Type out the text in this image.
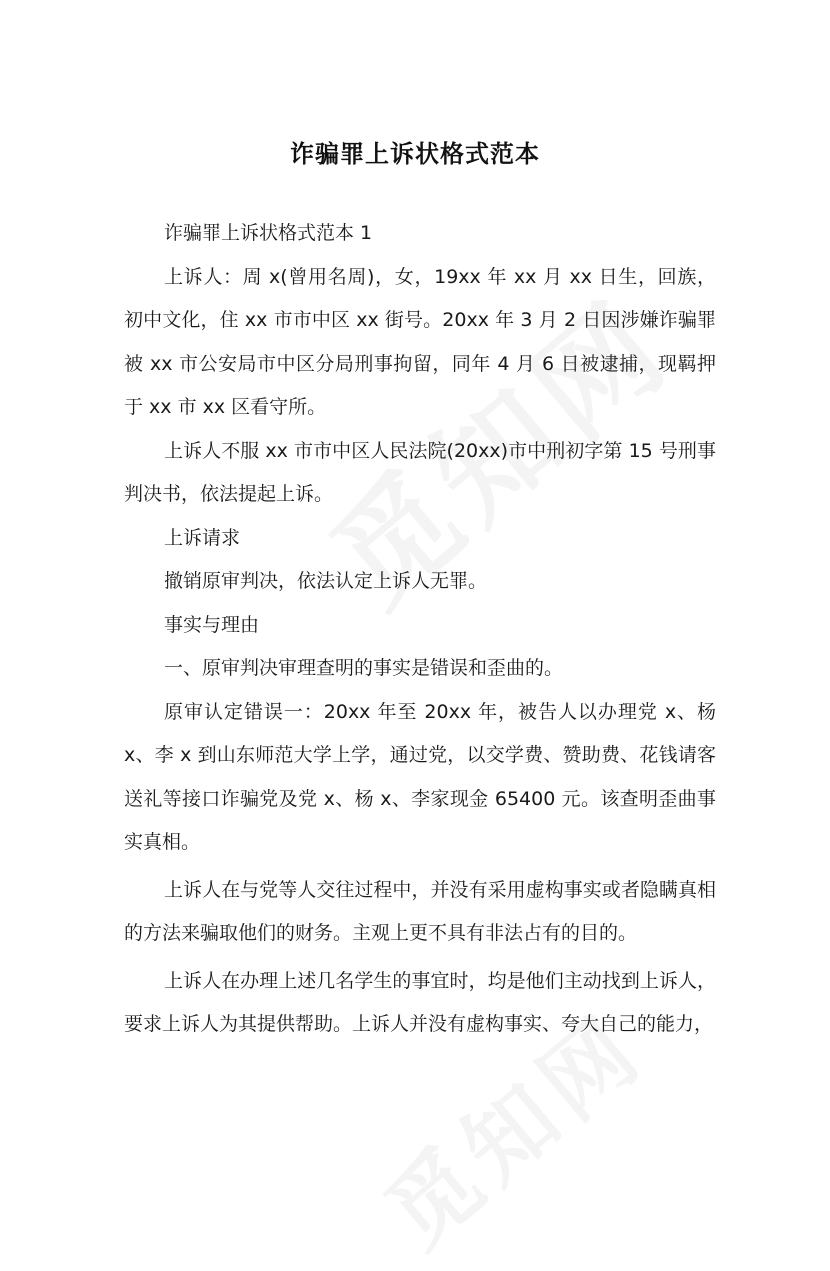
诈骗罪上诉状格式范本

诈骗罪上诉状格式范本 1

上诉人：周 x(曾用名周)，女，19xx 年 xx 月 xx 日生，回族，初中文化，住 xx 市市中区 xx 街号。20xx 年 3 月 2 日因涉嫌诈骗罪被 xx 市公安局市中区分局刑事拘留，同年 4 月 6 日被逮捕，现羁押于 xx 市 xx 区看守所。

上诉人不服 xx 市市中区人民法院(20xx)市中刑初字第 15 号刑事判决书，依法提起上诉。

上诉请求

撤销原审判决，依法认定上诉人无罪。

事实与理由

一、原审判决审理查明的事实是错误和歪曲的。

原审认定错误一：20xx 年至 20xx 年，被告人以办理党 x、杨 x、李 x 到山东师范大学上学，通过党，以交学费、赞助费、花钱请客送礼等接口诈骗党及党 x、杨 x、李家现金 65400 元。该查明歪曲事实真相。

上诉人在与党等人交往过程中，并没有采用虚构事实或者隐瞒真相的方法来骗取他们的财务。主观上更不具有非法占有的目的。

上诉人在办理上述几名学生的事宜时，均是他们主动找到上诉人，要求上诉人为其提供帮助。上诉人并没有虚构事实、夸大自己的能力，
